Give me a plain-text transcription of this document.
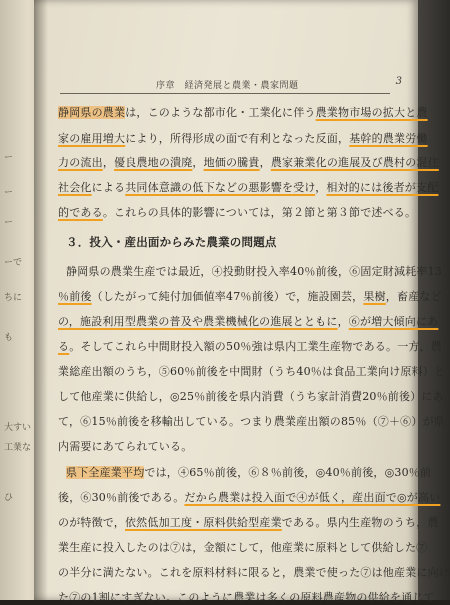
序章　経済発展と農業・農家問題	3
静岡県の農業は，このような都市化・工業化に伴う農業物市場の拡大と農
家の雇用増大により，所得形成の面で有利となった反面，基幹的農業労働
力の流出，優良農地の潰廃，地価の騰貴，農家兼業化の進展及び農村の混住
社会化による共同体意識の低下などの悪影響を受け，相対的には後者が支配
的である。これらの具体的影響については，第２節と第３節で述べる。
３．投入・産出面からみた農業の問題点
静岡県の農業生産では最近，④投動財投入率40％前後，⑥固定財減耗率13
％前後（したがって純付加価値率47％前後）で，施設園芸，果樹，畜産など
の，施設利用型農業の普及や農業機械化の進展とともに，⑥が増大傾向にあ
る。そしてこれら中間財投入額の50％強は県内工業生産物である。一方，農
業総産出額のうち，⑤60％前後を中間財（うち40％は食品工業向け原料）と
して他産業に供給し，◎25％前後を県内消費（うち家計消費20％前後）にあ
て，⑥15％前後を移輸出している。つまり農業産出額の85％（⑦＋⑥）が県
内需要にあてられている。
県下全産業平均では，④65％前後，⑥８％前後，◎40％前後，◎30％前
後，⑥30％前後である。だから農業は投入面で④が低く，産出面で◎が高い
のが特徴で，依然低加工度・原料供給型産業である。県内生産物のうち，農
業生産に投入したのは⑦は，金額にして，他産業に原料として供給した⑦
の半分に満たない。これを原料材料に限ると，農業で使った⑦は他産業に向け
た⑦の1割にすぎない。このように農業は多くの原料農産物の供給を通じて
ー
ー
ー
ーで
ちに
も
大すい
工業な
ひ
